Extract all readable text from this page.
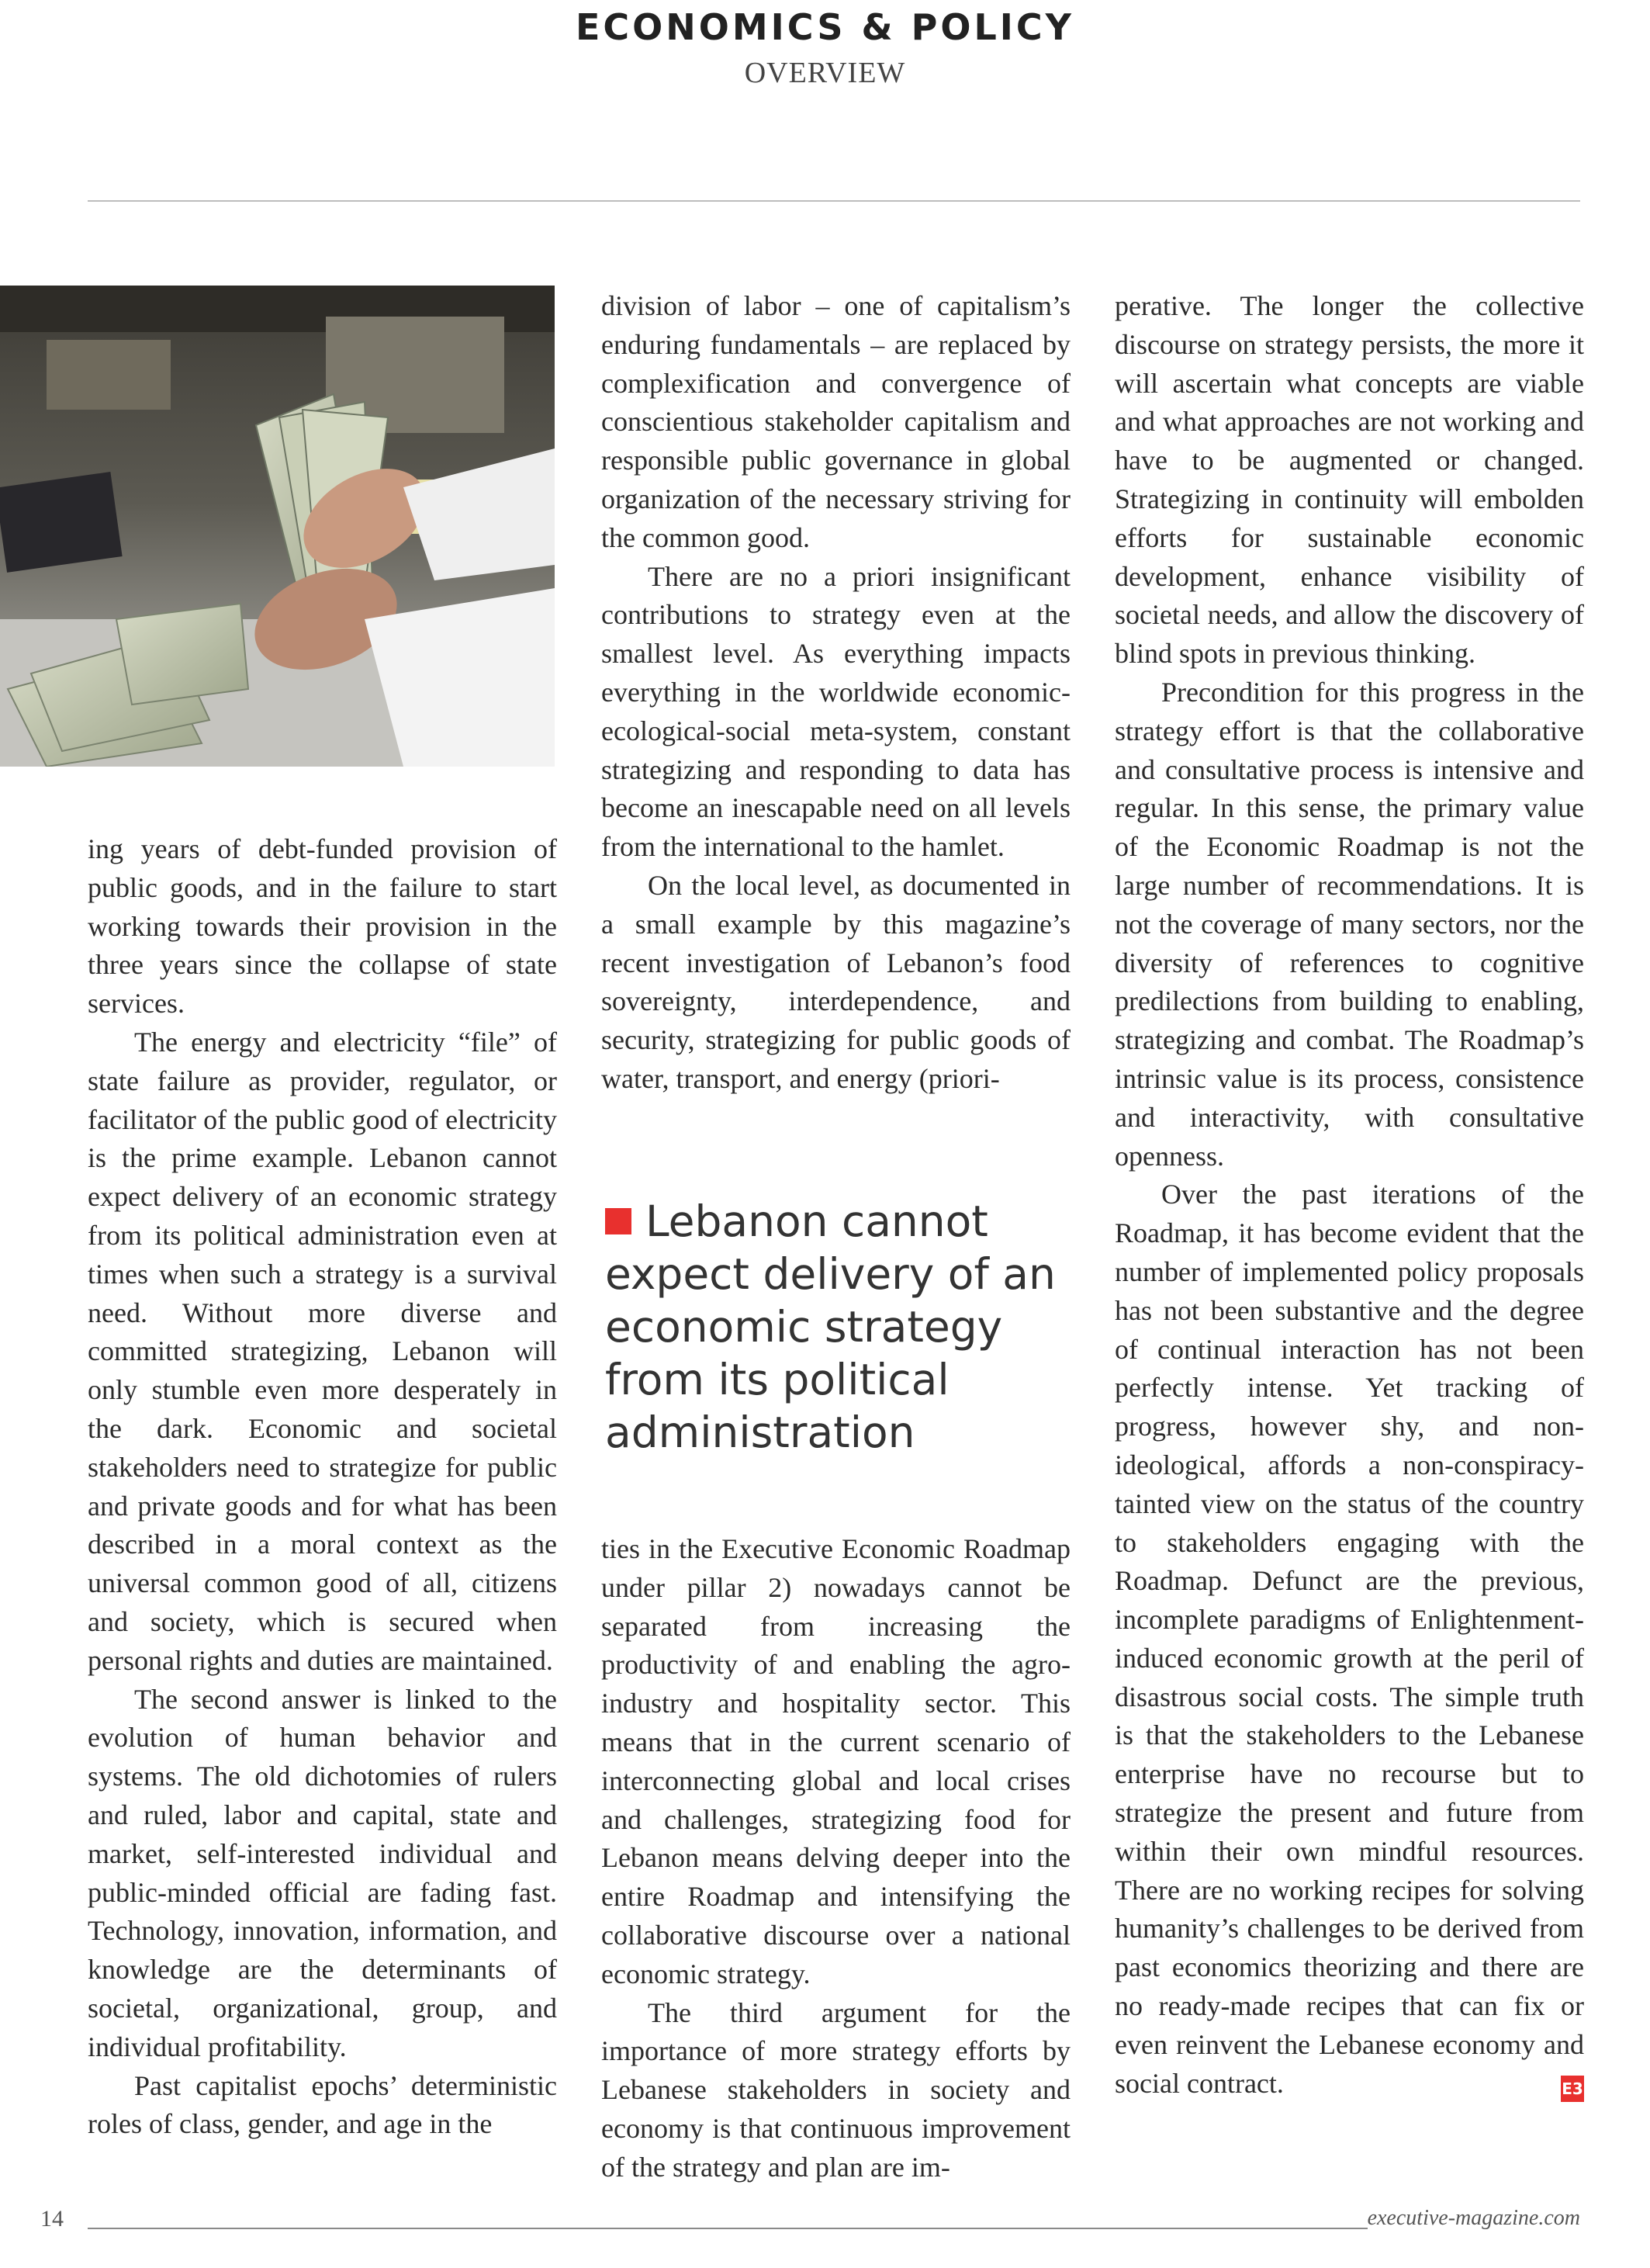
ECONOMICS & POLICY
OVERVIEW

ing years of debt-funded provision of public goods, and in the failure to start working towards their provision in the three years since the collapse of state services.

The energy and electricity “file” of state failure as provider, regulator, or facilitator of the public good of electricity is the prime example. Lebanon cannot expect delivery of an economic strategy from its political administration even at times when such a strategy is a survival need. Without more diverse and committed strategizing, Lebanon will only stumble even more desperately in the dark. Economic and societal stakeholders need to strategize for public and private goods and for what has been described in a moral context as the universal common good of all, citizens and society, which is secured when personal rights and duties are maintained.

The second answer is linked to the evolution of human behavior and systems. The old dichotomies of rulers and ruled, labor and capital, state and market, self-interested individual and public-minded official are fading fast. Technology, innovation, information, and knowledge are the determinants of societal, organizational, group, and individual profitability.

Past capitalist epochs’ deterministic roles of class, gender, and age in the

division of labor – one of capitalism’s enduring fundamentals – are replaced by complexification and convergence of conscientious stakeholder capitalism and responsible public governance in global organization of the necessary striving for the common good.

There are no a priori insignificant contributions to strategy even at the smallest level. As everything impacts everything in the worldwide economic-ecological-social meta-system, constant strategizing and responding to data has become an inescapable need on all levels from the international to the hamlet.

On the local level, as documented in a small example by this magazine’s recent investigation of Lebanon’s food sovereignty, interdependence, and security, strategizing for public goods of water, transport, and energy (priori-

Lebanon cannot expect delivery of an economic strategy from its political administration

ties in the Executive Economic Roadmap under pillar 2) nowadays cannot be separated from increasing the productivity of and enabling the agro-industry and hospitality sector. This means that in the current scenario of interconnecting global and local crises and challenges, strategizing food for Lebanon means delving deeper into the entire Roadmap and intensifying the collaborative discourse over a national economic strategy.

The third argument for the importance of more strategy efforts by Lebanese stakeholders in society and economy is that continuous improvement of the strategy and plan are im-

perative. The longer the collective discourse on strategy persists, the more it will ascertain what concepts are viable and what approaches are not working and have to be augmented or changed. Strategizing in continuity will embolden efforts for sustainable economic development, enhance visibility of societal needs, and allow the discovery of blind spots in previous thinking.

Precondition for this progress in the strategy effort is that the collaborative and consultative process is intensive and regular. In this sense, the primary value of the Economic Roadmap is not the large number of recommendations. It is not the coverage of many sectors, nor the diversity of references to cognitive predilections from building to enabling, strategizing and combat. The Roadmap’s intrinsic value is its process, consistence and interactivity, with consultative openness.

Over the past iterations of the Roadmap, it has become evident that the number of implemented policy proposals has not been substantive and the degree of continual interaction has not been perfectly intense. Yet tracking of progress, however shy, and non-ideological, affords a non-conspiracy-tainted view on the status of the country to stakeholders engaging with the Roadmap. Defunct are the previous, incomplete paradigms of Enlightenment-induced economic growth at the peril of disastrous social costs. The simple truth is that the stakeholders to the Lebanese enterprise have no recourse but to strategize the present and future from within their own mindful resources. There are no working recipes for solving humanity’s challenges to be derived from past economics theorizing and there are no ready-made recipes that can fix or even reinvent the Lebanese economy and social contract.	E3
14	executive-magazine.com
